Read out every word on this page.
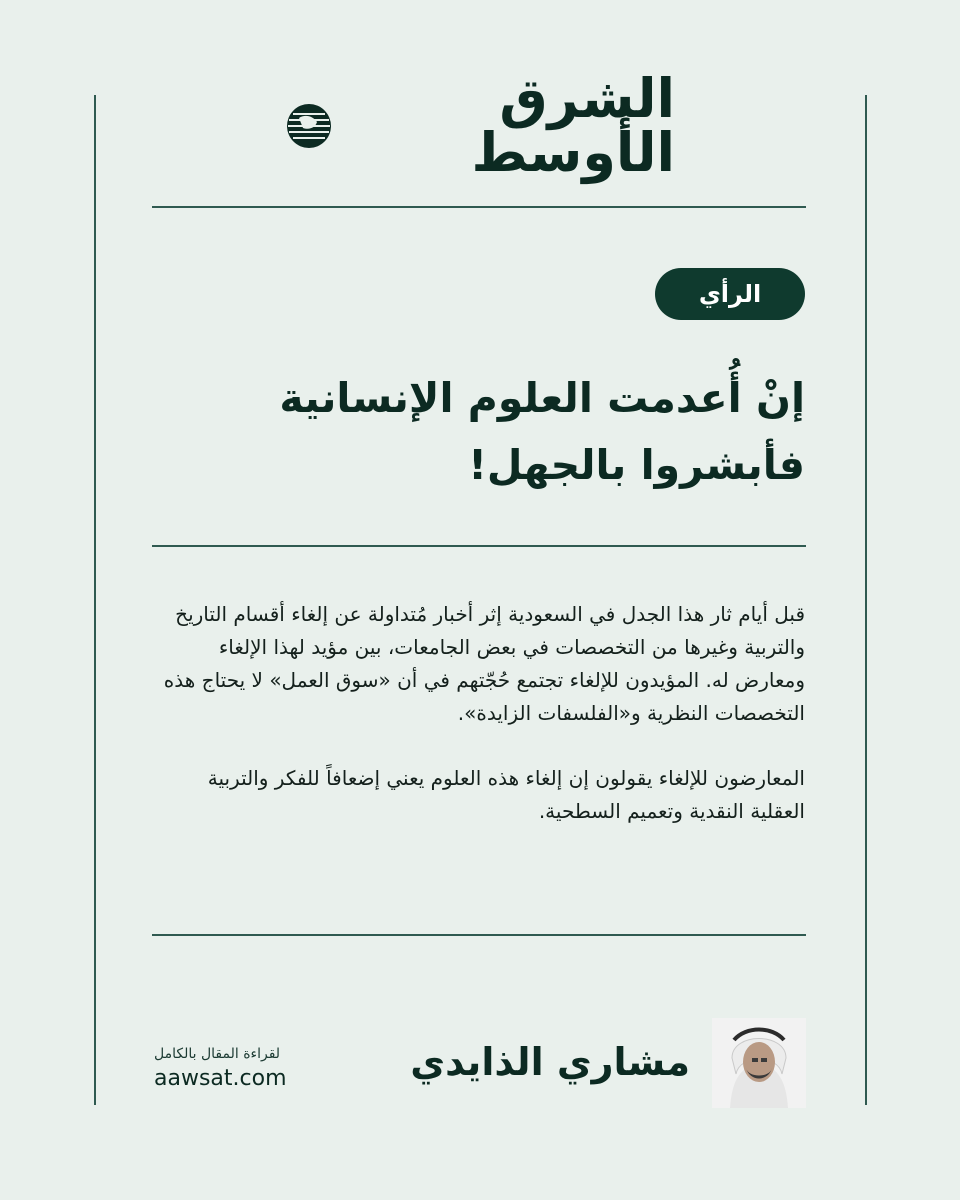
الشرق الأوسط
الرأي
إنْ أُعدمت العلوم الإنسانية فأبشروا بالجهل!

قبل أيام ثار هذا الجدل في السعودية إثر أخبار مُتداولة عن إلغاء أقسام التاريخ والتربية وغيرها من التخصصات في بعض الجامعات، بين مؤيد لهذا الإلغاء ومعارض له. المؤيدون للإلغاء تجتمع حُجّتهم في أن «سوق العمل» لا يحتاج هذه التخصصات النظرية و«الفلسفات الزايدة».

المعارضون للإلغاء يقولون إن إلغاء هذه العلوم يعني إضعافاً للفكر والتربية العقلية النقدية وتعميم السطحية.

مشاري الذايدي
لقراءة المقال بالكامل
aawsat.com
